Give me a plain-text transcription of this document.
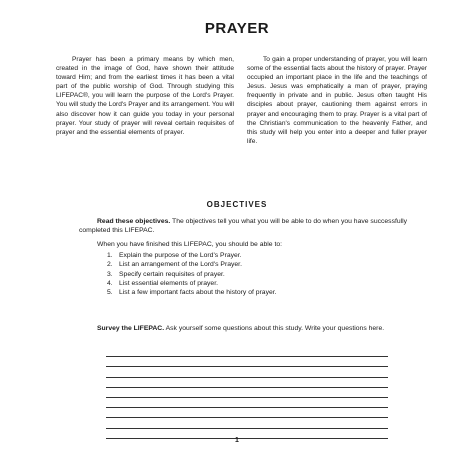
PRAYER

Prayer has been a primary means by which men, created in the image of God, have shown their attitude toward Him; and from the earliest times it has been a vital part of the public worship of God. Through studying this LIFEPAC®, you will learn the purpose of the Lord's Prayer. You will study the Lord's Prayer and its arrangement. You will also discover how it can guide you today in your personal prayer. Your study of prayer will reveal certain requisites of prayer and the essential elements of prayer.

To gain a proper understanding of prayer, you will learn some of the essential facts about the history of prayer. Prayer occupied an important place in the life and the teachings of Jesus. Jesus was emphatically a man of prayer, praying frequently in private and in public. Jesus often taught His disciples about prayer, cautioning them against errors in prayer and encouraging them to pray. Prayer is a vital part of the Christian's communication to the heavenly Father, and this study will help you enter into a deeper and fuller prayer life.

OBJECTIVES

Read these objectives. The objectives tell you what you will be able to do when you have successfully completed this LIFEPAC.

When you have finished this LIFEPAC, you should be able to:

1. Explain the purpose of the Lord's Prayer.
2. List an arrangement of the Lord's Prayer.
3. Specify certain requisites of prayer.
4. List essential elements of prayer.
5. List a few important facts about the history of prayer.

Survey the LIFEPAC. Ask yourself some questions about this study. Write your questions here.

1
